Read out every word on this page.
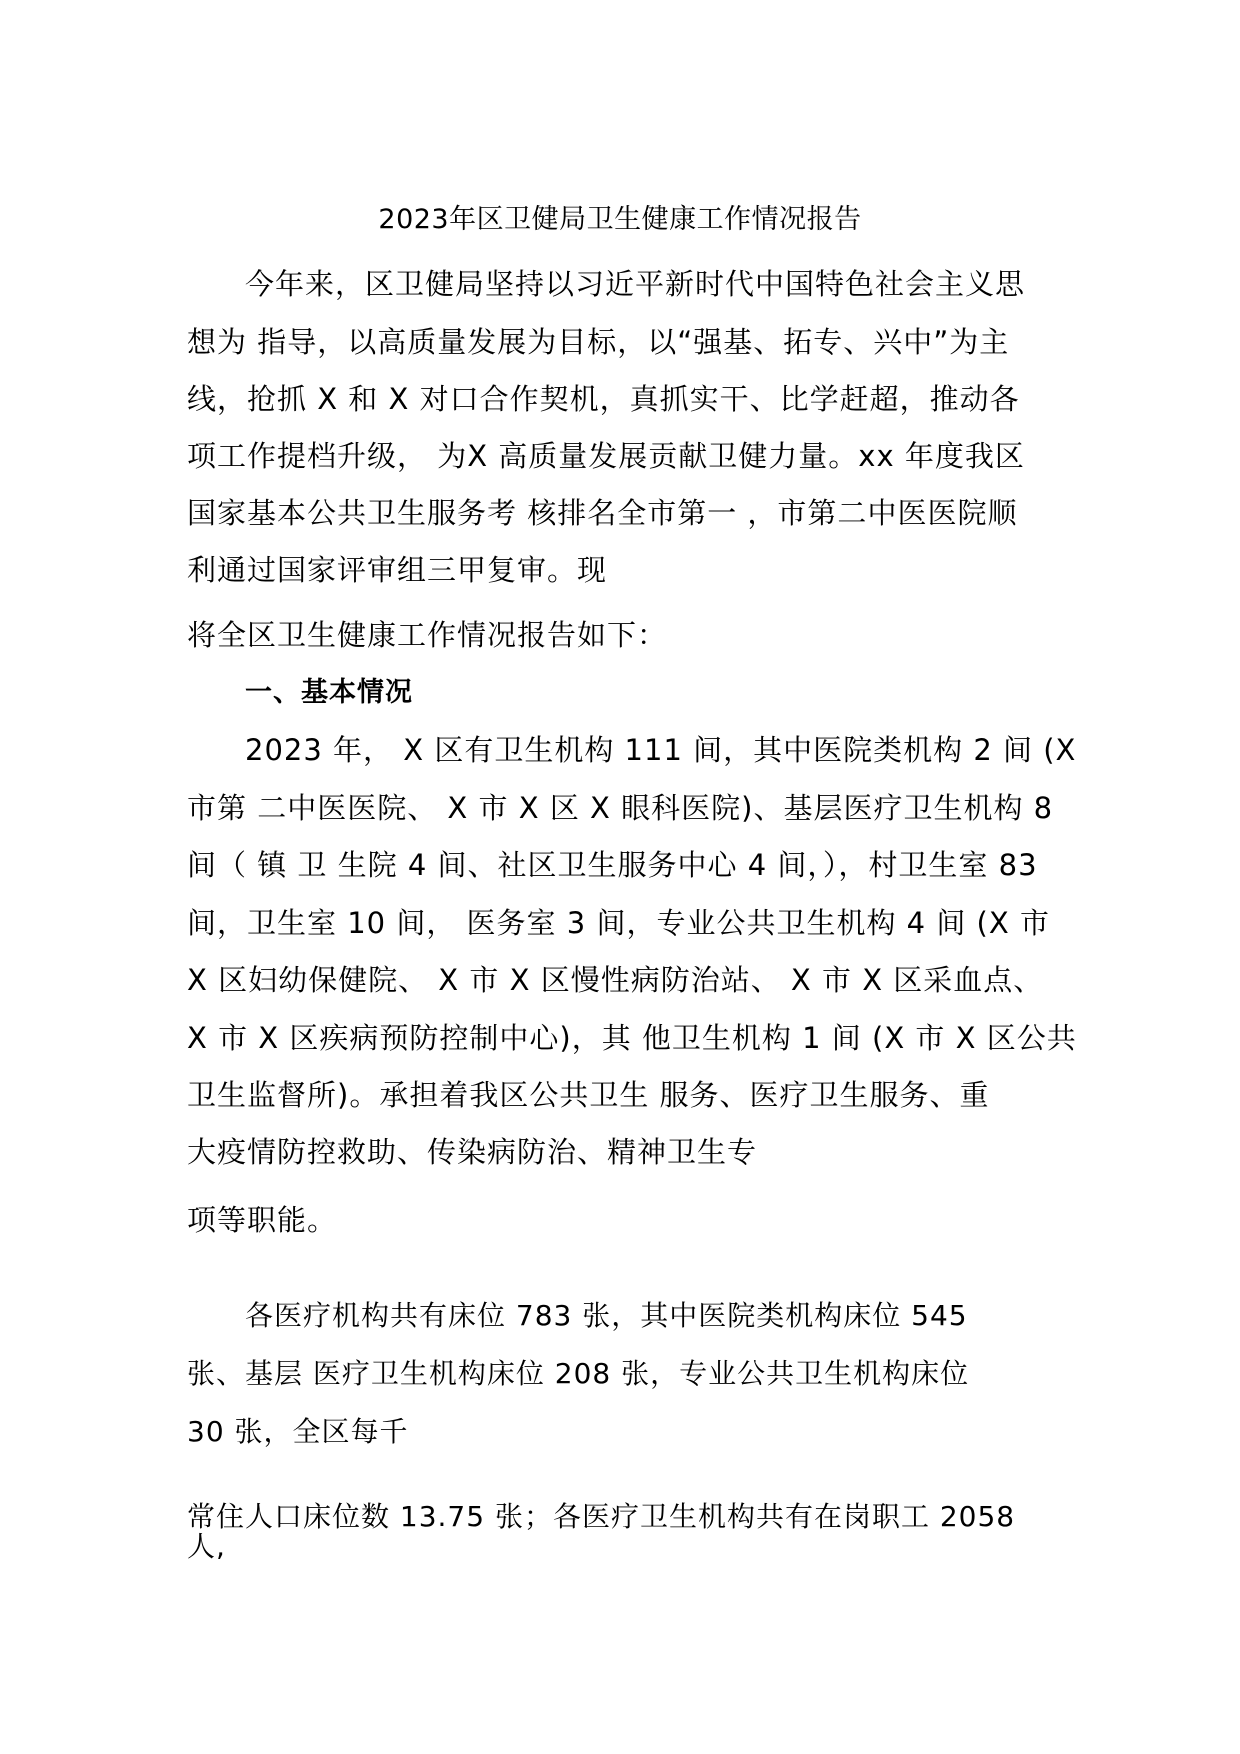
2023年区卫健局卫生健康工作情况报告
今年来，区卫健局坚持以习近平新时代中国特色社会主义思
想为 指导，以高质量发展为目标，以“强基、拓专、兴中”为主
线，抢抓 X 和 X 对口合作契机，真抓实干、比学赶超，推动各
项工作提档升级， 为X 高质量发展贡献卫健力量。xx 年度我区
国家基本公共卫生服务考 核排名全市第一 ，市第二中医医院顺
利通过国家评审组三甲复审。现
将全区卫生健康工作情况报告如下：
一、基本情况
2023 年， X 区有卫生机构 111 间，其中医院类机构 2 间 (X
市第 二中医医院、 X 市 X 区 X 眼科医院)、基层医疗卫生机构 8
间（ 镇 卫 生院 4 间、社区卫生服务中心 4 间，），村卫生室 83
间，卫生室 10 间， 医务室 3 间，专业公共卫生机构 4 间 (X 市
X 区妇幼保健院、 X 市 X 区慢性病防治站、 X 市 X 区采血点、
X 市 X 区疾病预防控制中心)，其 他卫生机构 1 间 (X 市 X 区公共
卫生监督所)。承担着我区公共卫生 服务、医疗卫生服务、重
大疫情防控救助、传染病防治、精神卫生专
项等职能。
各医疗机构共有床位 783 张，其中医院类机构床位 545
张、基层 医疗卫生机构床位 208 张，专业公共卫生机构床位
30 张，全区每千
常住人口床位数 13.75 张；各医疗卫生机构共有在岗职工 2058
人,
